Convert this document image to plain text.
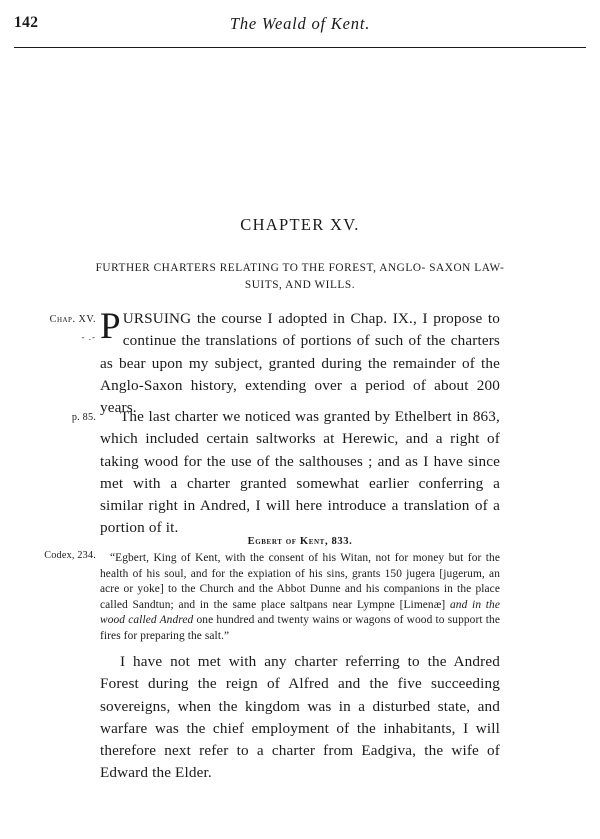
142	The Weald of Kent.
CHAPTER XV.
FURTHER CHARTERS RELATING TO THE FOREST, ANGLO- SAXON LAW-SUITS, AND WILLS.
Chap. XV.
- .-
p. 85.
Codex, 234.
PURSUING the course I adopted in Chap. IX., I propose to continue the translations of portions of such of the charters as bear upon my subject, granted during the remainder of the Anglo-Saxon history, extending over a period of about 200 years.
The last charter we noticed was granted by Ethelbert in 863, which included certain saltworks at Herewic, and a right of taking wood for the use of the salthouses ; and as I have since met with a charter granted somewhat earlier conferring a similar right in Andred, I will here introduce a translation of a portion of it.
Egbert of Kent, 833.
“Egbert, King of Kent, with the consent of his Witan, not for money but for the health of his soul, and for the expiation of his sins, grants 150 jugera [jugerum, an acre or yoke] to the Church and the Abbot Dunne and his companions in the place called Sandtun; and in the same place saltpans near Lympne [Limenæ] and in the wood called Andred one hundred and twenty wains or wagons of wood to support the fires for preparing the salt.”
I have not met with any charter referring to the Andred Forest during the reign of Alfred and the five succeeding sovereigns, when the kingdom was in a disturbed state, and warfare was the chief employment of the inhabitants, I will therefore next refer to a charter from Eadgiva, the wife of Edward the Elder.
